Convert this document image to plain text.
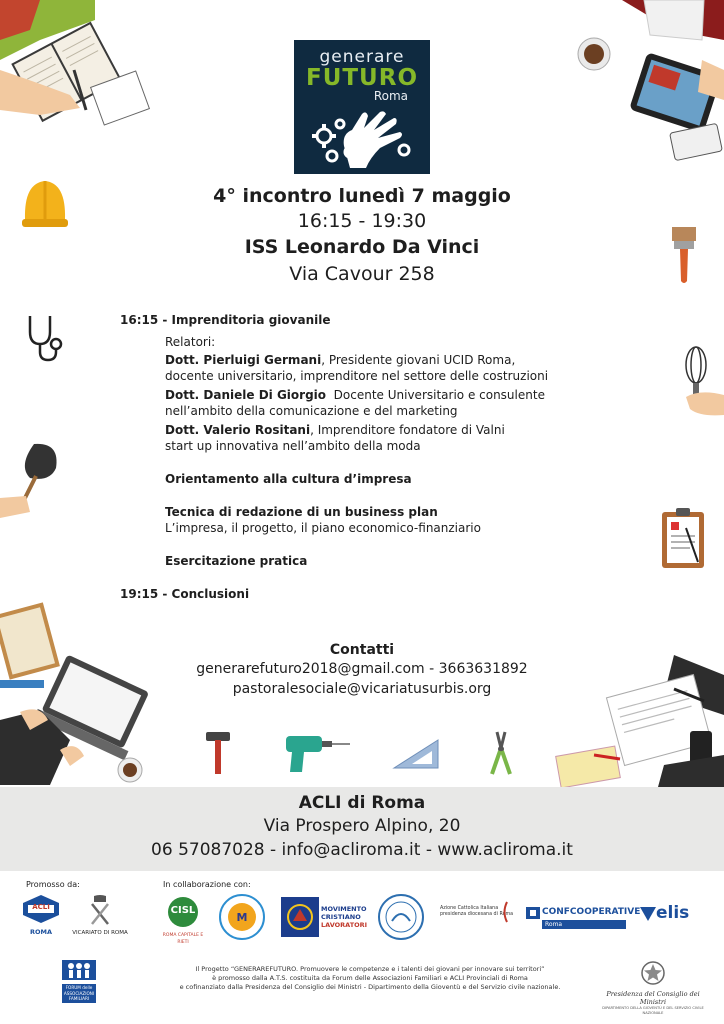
generare
FUTURO
Roma
4° incontro lunedì 7 maggio
16:15 - 19:30
ISS Leonardo Da Vinci
Via Cavour 258
16:15 - Imprenditoria giovanile
Relatori:
Dott. Pierluigi Germani, Presidente giovani UCID Roma,
docente universitario, imprenditore nel settore delle costruzioni
Dott. Daniele Di Giorgio  Docente Universitario e consulente
nell’ambito della comunicazione e del marketing
Dott. Valerio Rositani, Imprenditore fondatore di Valni
start up innovativa nell’ambito della moda
Orientamento alla cultura d’impresa
Tecnica di redazione di un business plan
L’impresa, il progetto, il piano economico-finanziario
Esercitazione pratica
19:15 - Conclusioni
Contatti
generarefuturo2018@gmail.com - 3663631892
pastoralesociale@vicariatusurbis.org
ACLI di Roma
Via Prospero Alpino, 20
06 57087028 - info@acliroma.it - www.acliroma.it
Promosso da:	In collaborazione con:
ACLI
ROMA	VICARIATO DI ROMA
CISL
ROMA CAPITALE E RIETI
M
MOVIMENTO
CRISTIANO
LAVORATORI
Azione Cattolica Italiana
presidenza diocesana di Roma	CONFCOOPERATIVE
Roma
elis
FORUM delle
ASSOCIAZIONI
FAMILIARI
Il Progetto “GENERAREFUTURO. Promuovere le competenze e i talenti dei giovani per innovare sui territori”
è promosso dalla A.T.S. costituita da Forum delle Associazioni Familiari e ACLI Provinciali di Roma
e cofinanziato dalla Presidenza del Consiglio dei Ministri - Dipartimento della Gioventù e del Servizio civile nazionale.
Presidenza del Consiglio dei Ministri
DIPARTIMENTO DELLA GIOVENTÙ E DEL SERVIZIO CIVILE NAZIONALE
